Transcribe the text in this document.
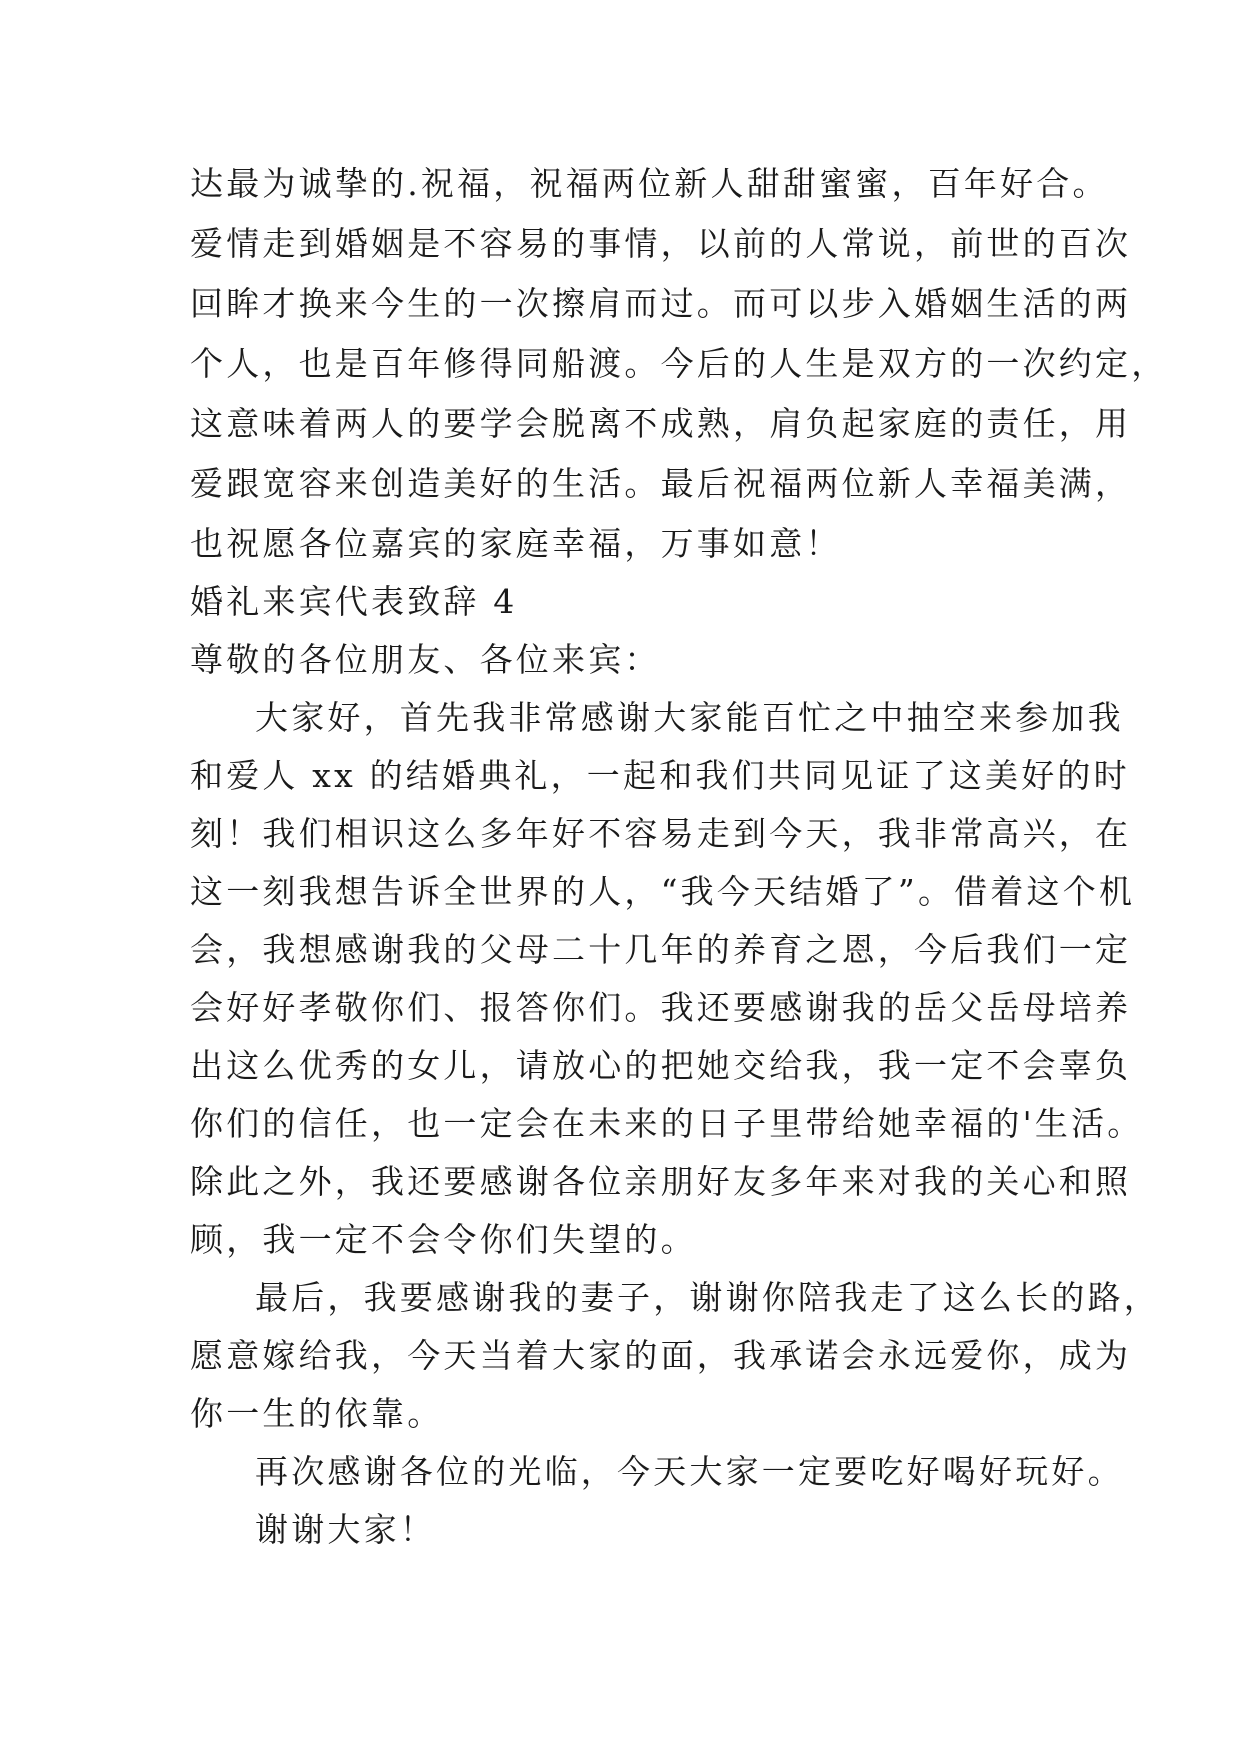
达最为诚挚的.祝福，祝福两位新人甜甜蜜蜜，百年好合。
爱情走到婚姻是不容易的事情，以前的人常说，前世的百次
回眸才换来今生的一次擦肩而过。而可以步入婚姻生活的两
个人，也是百年修得同船渡。今后的人生是双方的一次约定，
这意味着两人的要学会脱离不成熟，肩负起家庭的责任，用
爱跟宽容来创造美好的生活。最后祝福两位新人幸福美满，
也祝愿各位嘉宾的家庭幸福，万事如意！
婚礼来宾代表致辞 4
尊敬的各位朋友、各位来宾：
大家好，首先我非常感谢大家能百忙之中抽空来参加我
和爱人 xx 的结婚典礼，一起和我们共同见证了这美好的时
刻！我们相识这么多年好不容易走到今天，我非常高兴，在
这一刻我想告诉全世界的人，“我今天结婚了”。借着这个机
会，我想感谢我的父母二十几年的养育之恩，今后我们一定
会好好孝敬你们、报答你们。我还要感谢我的岳父岳母培养
出这么优秀的女儿，请放心的把她交给我，我一定不会辜负
你们的信任，也一定会在未来的日子里带给她幸福的'生活。
除此之外，我还要感谢各位亲朋好友多年来对我的关心和照
顾，我一定不会令你们失望的。
最后，我要感谢我的妻子，谢谢你陪我走了这么长的路，
愿意嫁给我，今天当着大家的面，我承诺会永远爱你，成为
你一生的依靠。
再次感谢各位的光临，今天大家一定要吃好喝好玩好。
谢谢大家！
